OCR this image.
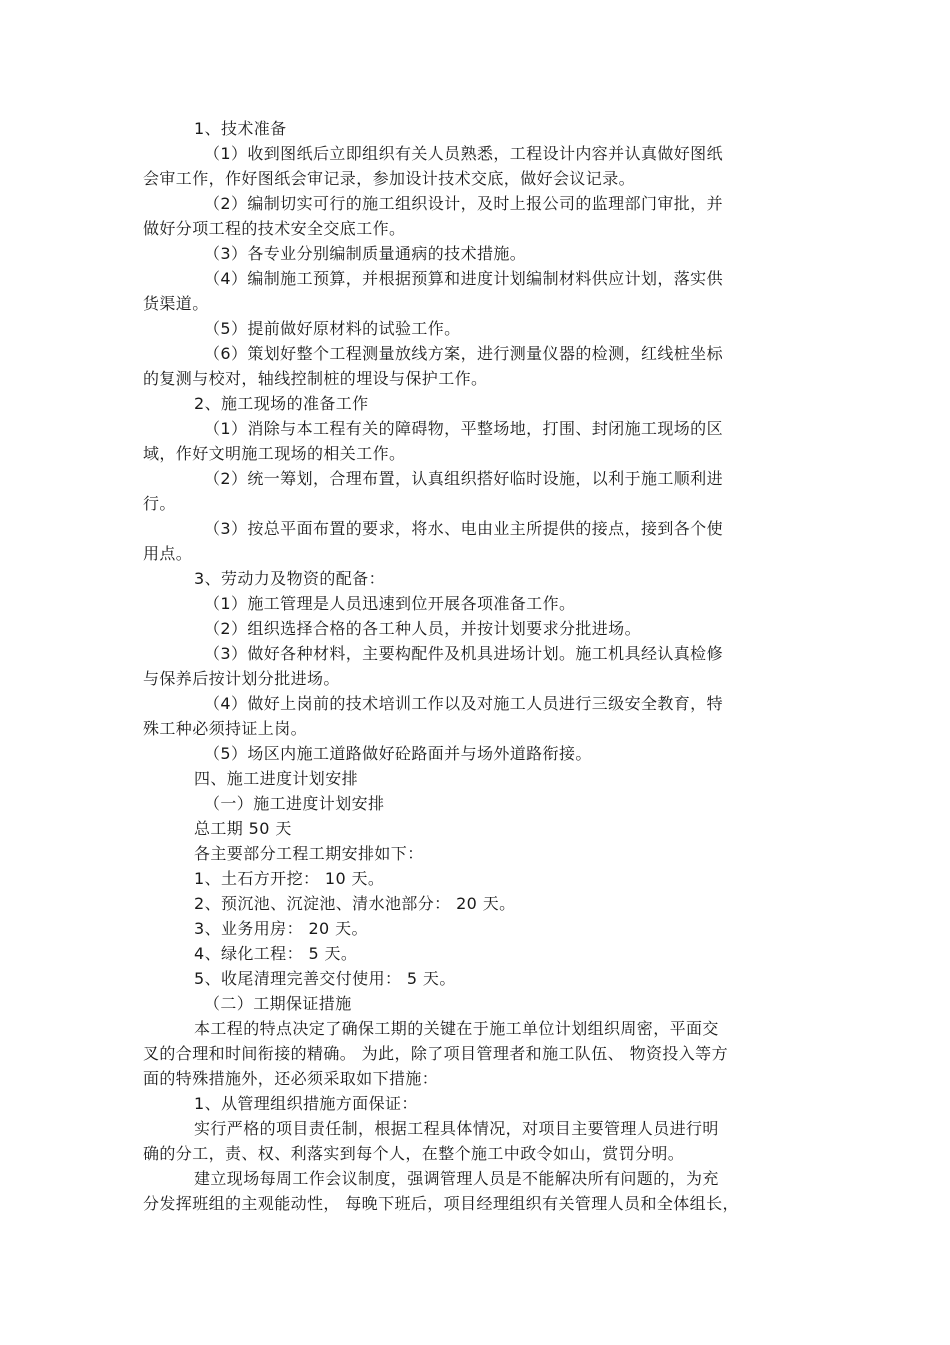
1、技术准备
（1）收到图纸后立即组织有关人员熟悉，工程设计内容并认真做好图纸
会审工作，作好图纸会审记录，参加设计技术交底，做好会议记录。
（2）编制切实可行的施工组织设计，及时上报公司的监理部门审批，并
做好分项工程的技术安全交底工作。
（3）各专业分别编制质量通病的技术措施。
（4）编制施工预算，并根据预算和进度计划编制材料供应计划，落实供
货渠道。
（5）提前做好原材料的试验工作。
（6）策划好整个工程测量放线方案，进行测量仪器的检测，红线桩坐标
的复测与校对，轴线控制桩的埋设与保护工作。
2、施工现场的准备工作
（1）消除与本工程有关的障碍物，平整场地，打围、封闭施工现场的区
域，作好文明施工现场的相关工作。
（2）统一筹划，合理布置，认真组织搭好临时设施，以利于施工顺利进
行。
（3）按总平面布置的要求，将水、电由业主所提供的接点，接到各个使
用点。
3、劳动力及物资的配备：
（1）施工管理是人员迅速到位开展各项准备工作。
（2）组织选择合格的各工种人员，并按计划要求分批进场。
（3）做好各种材料，主要构配件及机具进场计划。施工机具经认真检修
与保养后按计划分批进场。
（4）做好上岗前的技术培训工作以及对施工人员进行三级安全教育，特
殊工种必须持证上岗。
（5）场区内施工道路做好砼路面并与场外道路衔接。
四、施工进度计划安排
（一）施工进度计划安排
总工期 50 天
各主要部分工程工期安排如下：
1、土石方开挖： 10 天。
2、预沉池、沉淀池、清水池部分： 20 天。
3、业务用房： 20 天。
4、绿化工程： 5 天。
5、收尾清理完善交付使用： 5 天。
（二）工期保证措施
本工程的特点决定了确保工期的关键在于施工单位计划组织周密，平面交
叉的合理和时间衔接的精确。 为此，除了项目管理者和施工队伍、 物资投入等方
面的特殊措施外，还必须采取如下措施：
1、从管理组织措施方面保证：
实行严格的项目责任制，根据工程具体情况，对项目主要管理人员进行明
确的分工，责、权、利落实到每个人，在整个施工中政令如山，赏罚分明。
建立现场每周工作会议制度，强调管理人员是不能解决所有问题的，为充
分发挥班组的主观能动性， 每晚下班后，项目经理组织有关管理人员和全体组长，
